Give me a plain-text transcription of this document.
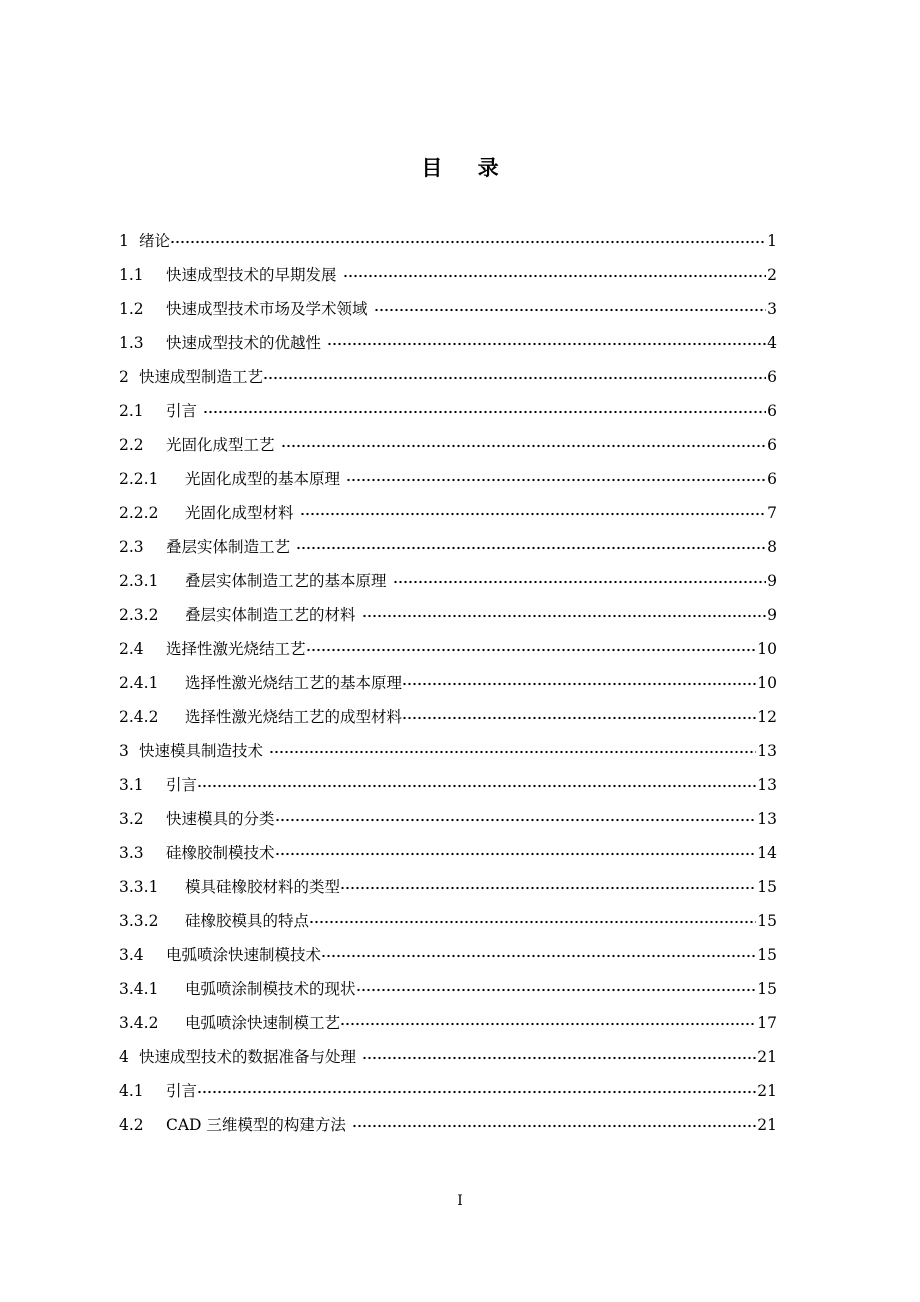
目 录
1 绪论	1
1.1	快速成型技术的早期发展	2
1.2	快速成型技术市场及学术领域	3
1.3	快速成型技术的优越性	4
2 快速成型制造工艺	6
2.1	引言	6
2.2	光固化成型工艺	6
2.2.1	光固化成型的基本原理	6
2.2.2	光固化成型材料	7
2.3	叠层实体制造工艺	8
2.3.1	叠层实体制造工艺的基本原理	9
2.3.2	叠层实体制造工艺的材料	9
2.4	选择性激光烧结工艺	10
2.4.1	选择性激光烧结工艺的基本原理	10
2.4.2	选择性激光烧结工艺的成型材料	12
3 快速模具制造技术	13
3.1	引言	13
3.2	快速模具的分类	13
3.3	硅橡胶制模技术	14
3.3.1	模具硅橡胶材料的类型	15
3.3.2	硅橡胶模具的特点	15
3.4	电弧喷涂快速制模技术	15
3.4.1	电弧喷涂制模技术的现状	15
3.4.2	电弧喷涂快速制模工艺	17
4 快速成型技术的数据准备与处理	21
4.1	引言	21
4.2	CAD 三维模型的构建方法	21
I
